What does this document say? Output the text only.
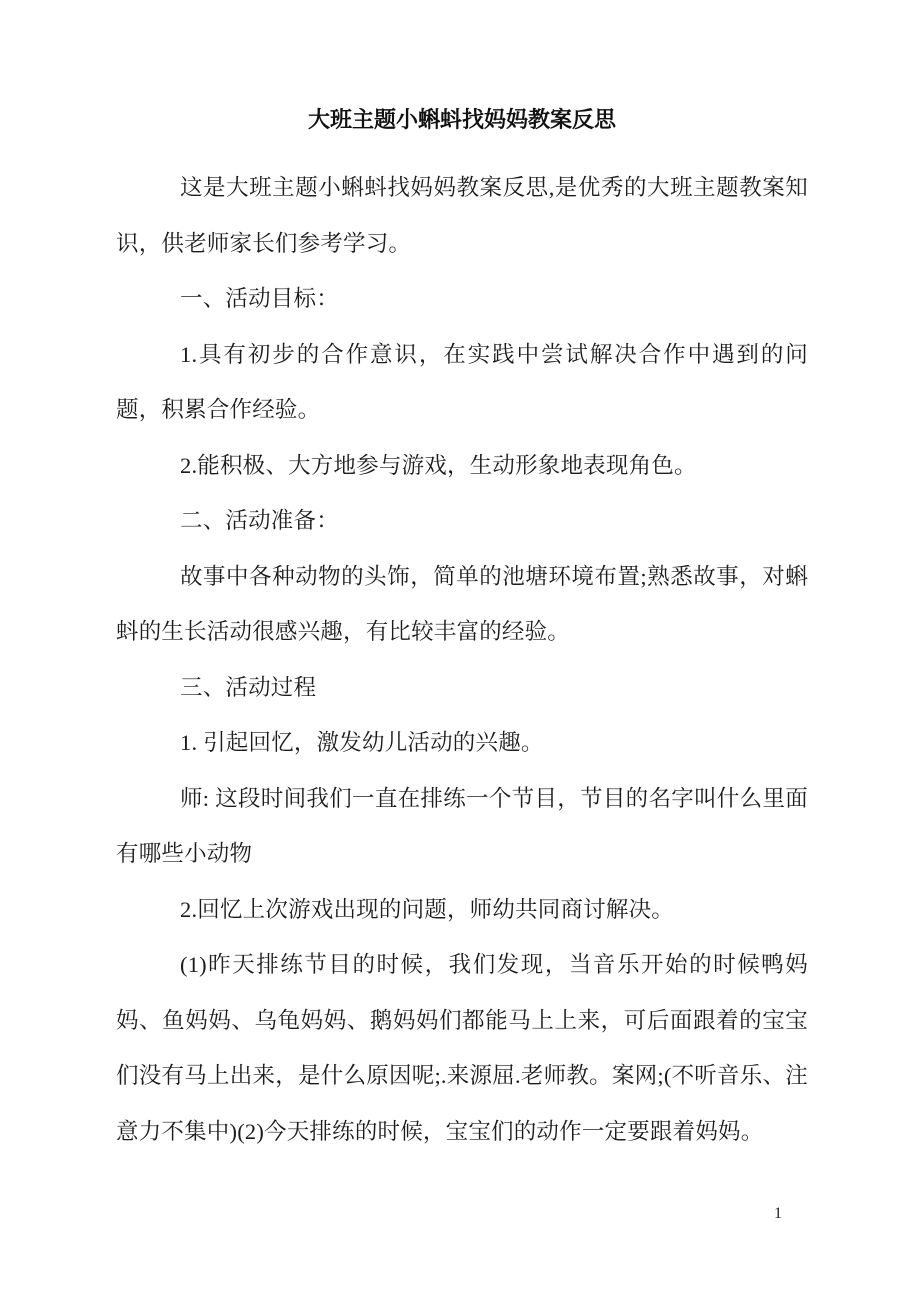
大班主题小蝌蚪找妈妈教案反思

这是大班主题小蝌蚪找妈妈教案反思,是优秀的大班主题教案知识，供老师家长们参考学习。

一、活动目标：

1.具有初步的合作意识，在实践中尝试解决合作中遇到的问题，积累合作经验。

2.能积极、大方地参与游戏，生动形象地表现角色。

二、活动准备：

故事中各种动物的头饰，简单的池塘环境布置;熟悉故事，对蝌蚪的生长活动很感兴趣，有比较丰富的经验。

三、活动过程

1. 引起回忆，激发幼儿活动的兴趣。

师: 这段时间我们一直在排练一个节目，节目的名字叫什么里面有哪些小动物

2.回忆上次游戏出现的问题，师幼共同商讨解决。

(1)昨天排练节目的时候，我们发现，当音乐开始的时候鸭妈妈、鱼妈妈、乌龟妈妈、鹅妈妈们都能马上上来，可后面跟着的宝宝们没有马上出来，是什么原因呢;.来源屈.老师教。案网;(不听音乐、注意力不集中)(2)今天排练的时候，宝宝们的动作一定要跟着妈妈。

1
